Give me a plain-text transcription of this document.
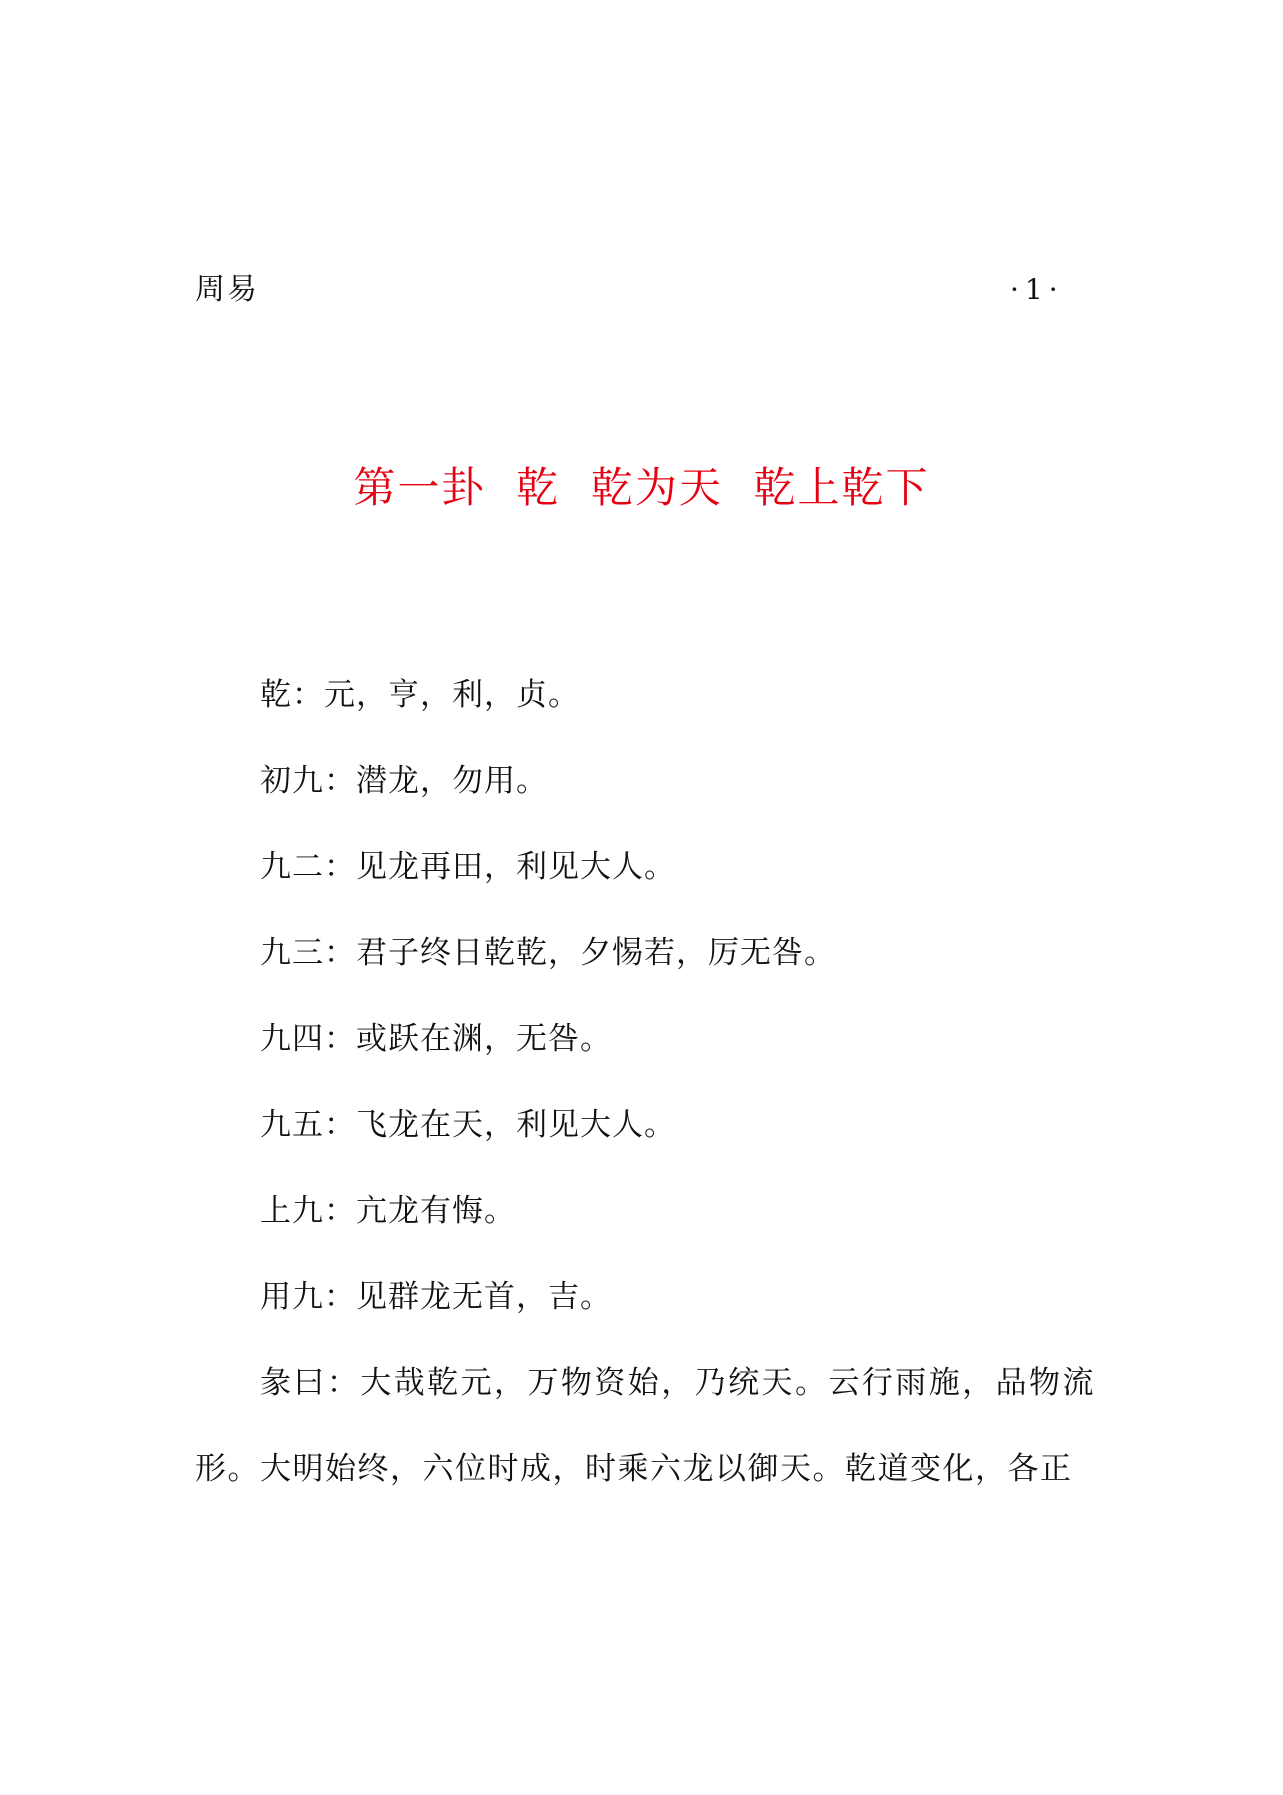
周易	·1·
第一卦  乾  乾为天  乾上乾下
乾：元，亨，利，贞。
初九：潜龙，勿用。
九二：见龙再田，利见大人。
九三：君子终日乾乾，夕惕若，厉无咎。
九四：或跃在渊，无咎。
九五：飞龙在天，利见大人。
上九：亢龙有悔。
用九：见群龙无首，吉。

彖曰：大哉乾元，万物资始，乃统天。云行雨施，品物流形。大明始终，六位时成，时乘六龙以御天。乾道变化，各正
